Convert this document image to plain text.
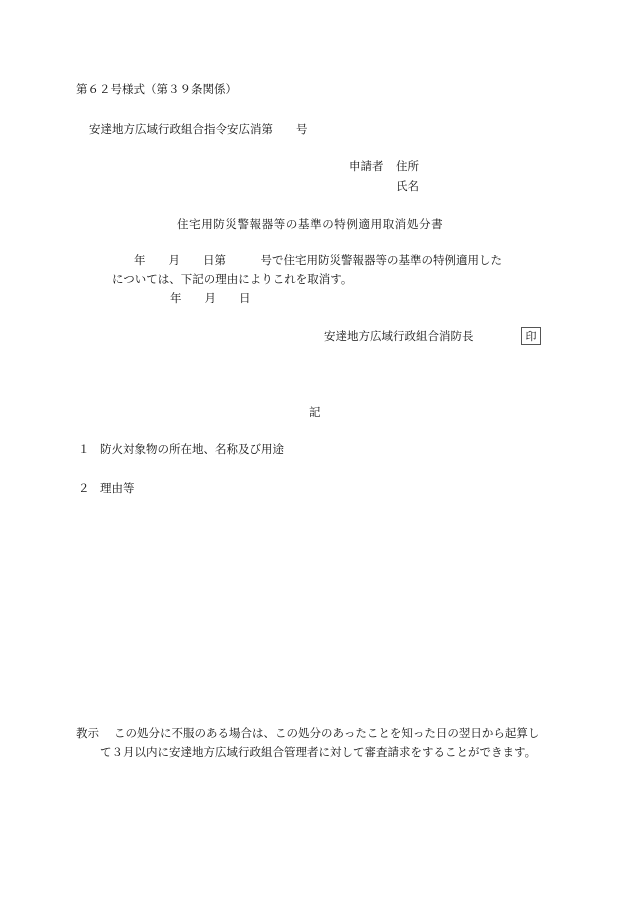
第６２号様式（第３９条関係）
安達地方広域行政組合指令安広消第　　号
申請者 住所
氏名
住宅用防災警報器等の基準の特例適用取消処分書
年　　月　　日第　　　号で住宅用防災警報器等の基準の特例適用した
については、下記の理由によりこれを取消す。
年　　月　　日
安達地方広域行政組合消防長	印
記
１ 防火対象物の所在地、名称及び用途
２ 理由等
教示 この処分に不服のある場合は、この処分のあったことを知った日の翌日から起算し
て３月以内に安達地方広域行政組合管理者に対して審査請求をすることができます。
